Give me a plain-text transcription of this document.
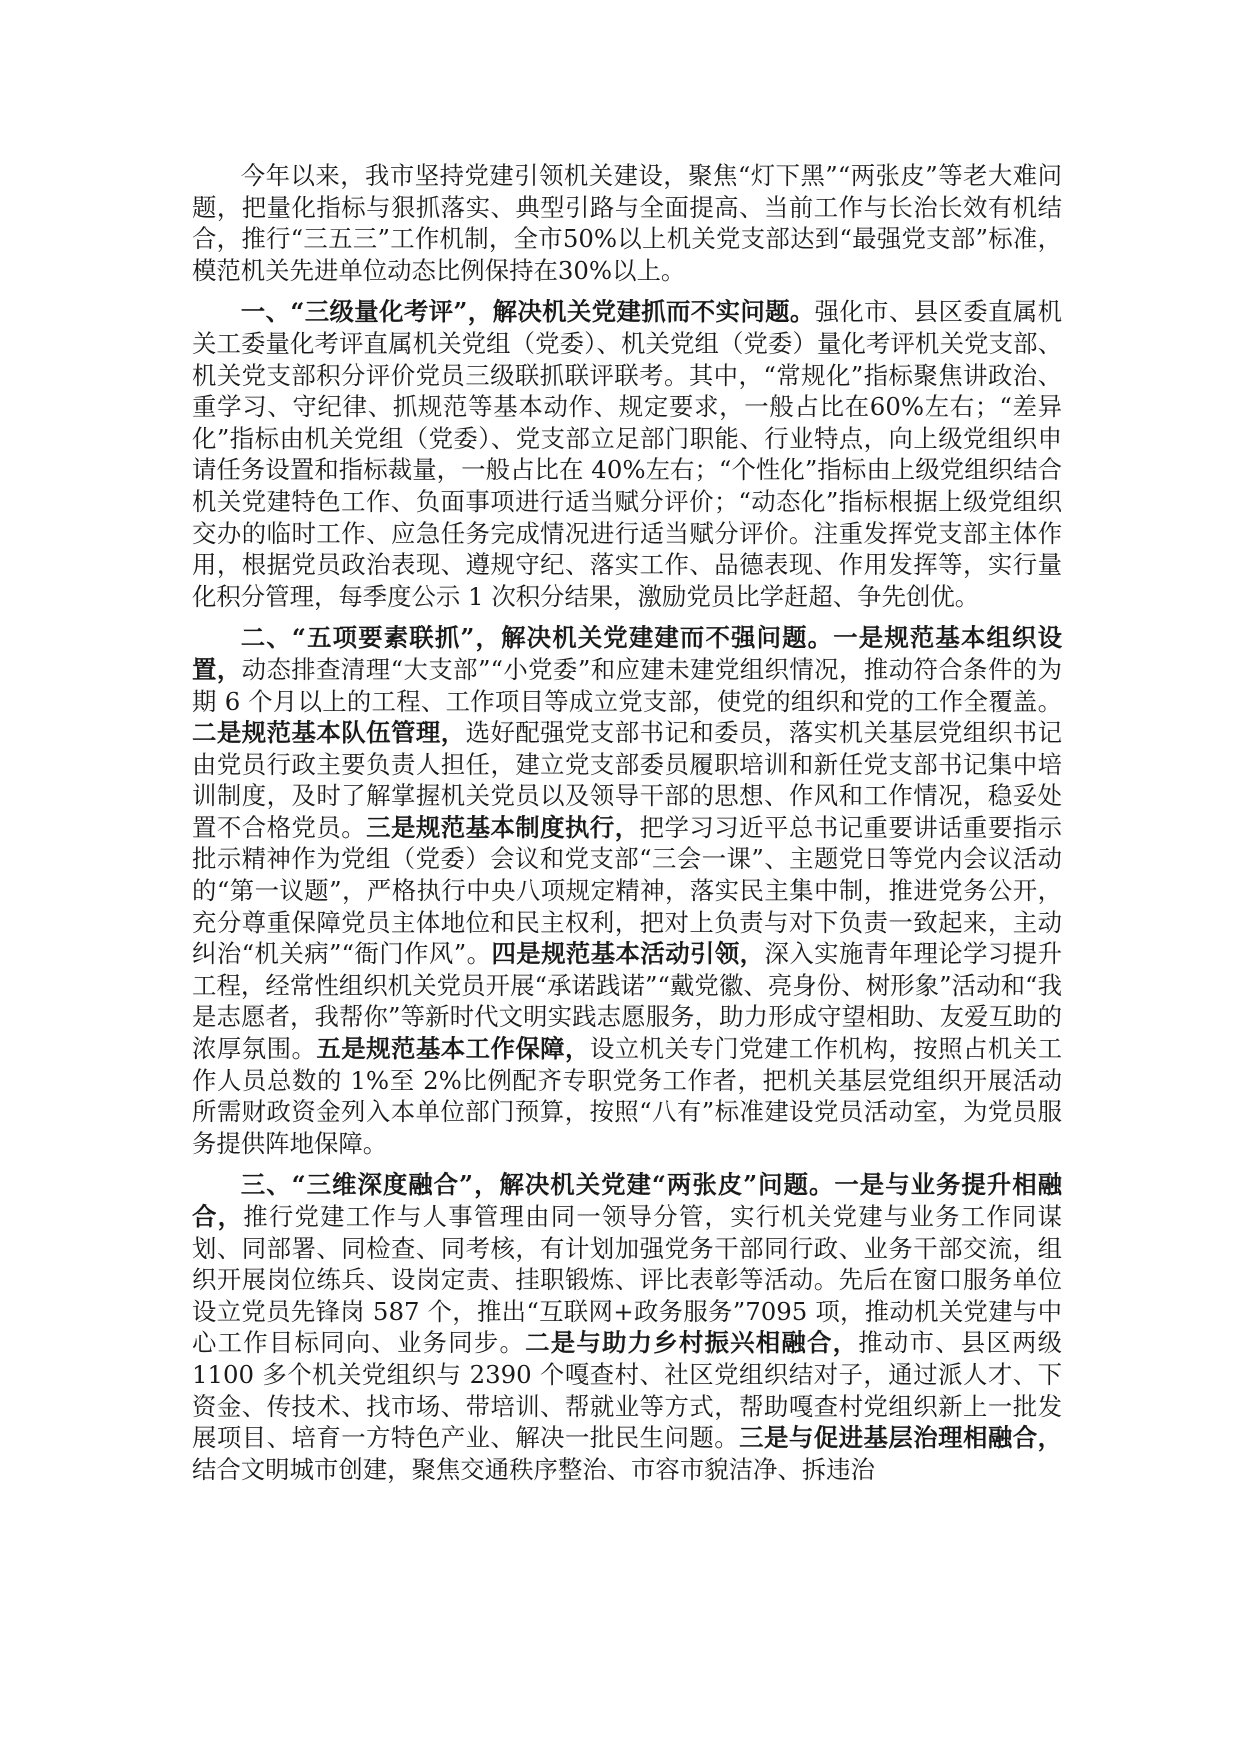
今年以来，我市坚持党建引领机关建设，聚焦“灯下黑”“两张皮”等老大难问题，把量化指标与狠抓落实、典型引路与全面提高、当前工作与长治长效有机结合，推行“三五三”工作机制，全市50%以上机关党支部达到“最强党支部”标准，模范机关先进单位动态比例保持在30%以上。

一、“三级量化考评”，解决机关党建抓而不实问题。强化市、县区委直属机关工委量化考评直属机关党组（党委）、机关党组（党委）量化考评机关党支部、机关党支部积分评价党员三级联抓联评联考。其中，“常规化”指标聚焦讲政治、重学习、守纪律、抓规范等基本动作、规定要求，一般占比在60%左右；“差异化”指标由机关党组（党委）、党支部立足部门职能、行业特点，向上级党组织申请任务设置和指标裁量，一般占比在 40%左右；“个性化”指标由上级党组织结合机关党建特色工作、负面事项进行适当赋分评价；“动态化”指标根据上级党组织交办的临时工作、应急任务完成情况进行适当赋分评价。注重发挥党支部主体作用，根据党员政治表现、遵规守纪、落实工作、品德表现、作用发挥等，实行量化积分管理，每季度公示 1 次积分结果，激励党员比学赶超、争先创优。

二、“五项要素联抓”，解决机关党建建而不强问题。一是规范基本组织设置，动态排查清理“大支部”“小党委”和应建未建党组织情况，推动符合条件的为期 6 个月以上的工程、工作项目等成立党支部，使党的组织和党的工作全覆盖。二是规范基本队伍管理，选好配强党支部书记和委员，落实机关基层党组织书记由党员行政主要负责人担任，建立党支部委员履职培训和新任党支部书记集中培训制度，及时了解掌握机关党员以及领导干部的思想、作风和工作情况，稳妥处置不合格党员。三是规范基本制度执行，把学习习近平总书记重要讲话重要指示批示精神作为党组（党委）会议和党支部“三会一课”、主题党日等党内会议活动的“第一议题”，严格执行中央八项规定精神，落实民主集中制，推进党务公开，充分尊重保障党员主体地位和民主权利，把对上负责与对下负责一致起来，主动纠治“机关病”“衙门作风”。四是规范基本活动引领，深入实施青年理论学习提升工程，经常性组织机关党员开展“承诺践诺”“戴党徽、亮身份、树形象”活动和“我是志愿者，我帮你”等新时代文明实践志愿服务，助力形成守望相助、友爱互助的浓厚氛围。五是规范基本工作保障，设立机关专门党建工作机构，按照占机关工作人员总数的 1%至 2%比例配齐专职党务工作者，把机关基层党组织开展活动所需财政资金列入本单位部门预算，按照“八有”标准建设党员活动室，为党员服务提供阵地保障。

三、“三维深度融合”，解决机关党建“两张皮”问题。一是与业务提升相融合，推行党建工作与人事管理由同一领导分管，实行机关党建与业务工作同谋划、同部署、同检查、同考核，有计划加强党务干部同行政、业务干部交流，组织开展岗位练兵、设岗定责、挂职锻炼、评比表彰等活动。先后在窗口服务单位设立党员先锋岗 587 个，推出“互联网+政务服务”7095 项，推动机关党建与中心工作目标同向、业务同步。二是与助力乡村振兴相融合，推动市、县区两级 1100 多个机关党组织与 2390 个嘎查村、社区党组织结对子，通过派人才、下资金、传技术、找市场、带培训、帮就业等方式，帮助嘎查村党组织新上一批发展项目、培育一方特色产业、解决一批民生问题。三是与促进基层治理相融合，结合文明城市创建，聚焦交通秩序整治、市容市貌洁净、拆违治
